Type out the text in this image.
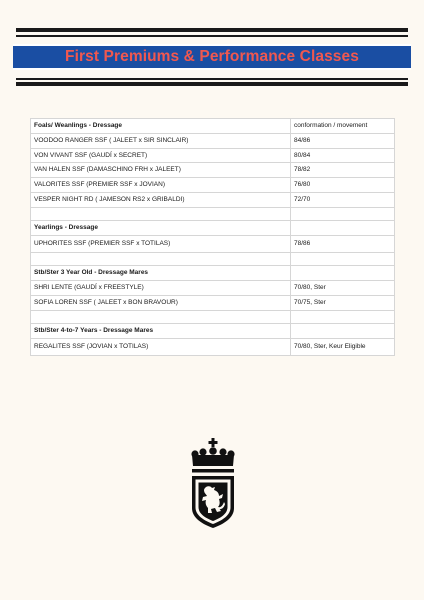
First Premiums & Performance Classes
Foals/ Weanlings - Dressage	conformation / movement
VOODOO RANGER SSF ( JALEET x SIR SINCLAIR)	84/86
VON VIVANT SSF (GAUDÍ x SECRET)	80/84
VAN HALEN SSF (DAMASCHINO FRH x JALEET)	78/82
VALORITES SSF (PREMIER SSF x JOVIAN)	76/80
VESPER NIGHT RD ( JAMESON RS2 x GRIBALDI)	72/70

Yearlings - Dressage	
UPHORITES SSF (PREMIER SSF x TOTILAS)	78/86

Stb/Ster 3 Year Old - Dressage Mares	
SHRI LENTE (GAUDÍ x FREESTYLE)	70/80, Ster
SOFIA LOREN SSF ( JALEET x BON BRAVOUR)	70/75, Ster

Stb/Ster 4-to-7 Years - Dressage Mares	
REGALITES SSF (JOVIAN x TOTILAS)	70/80, Ster, Keur Eligible
